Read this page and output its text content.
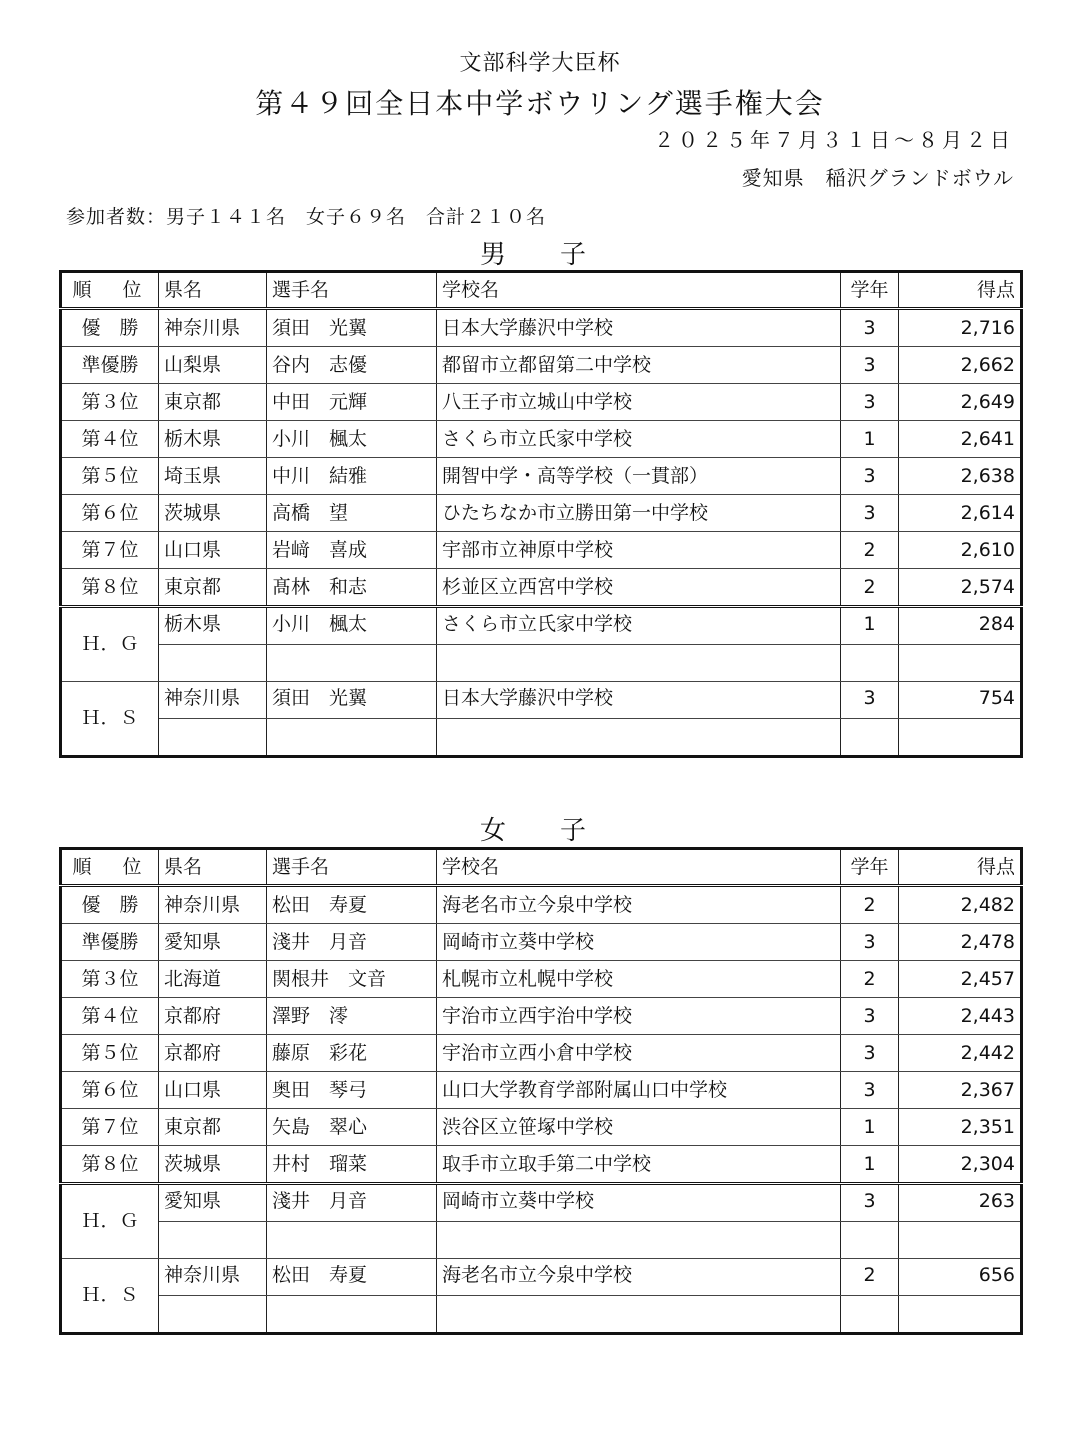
文部科学大臣杯
第４９回全日本中学ボウリング選手権大会
２０２５年７月３１日～８月２日
愛知県　稲沢グランドボウル
参加者数：男子１４１名　女子６９名　合計２１０名
男　子
順　位	県名	選手名	学校名	学年	得点
優　勝	神奈川県	須田　光翼	日本大学藤沢中学校	3	2,716
準優勝	山梨県	谷内　志優	都留市立都留第二中学校	3	2,662
第３位	東京都	中田　元輝	八王子市立城山中学校	3	2,649
第４位	栃木県	小川　楓太	さくら市立氏家中学校	1	2,641
第５位	埼玉県	中川　結雅	開智中学・高等学校（一貫部）	3	2,638
第６位	茨城県	高橋　望	ひたちなか市立勝田第一中学校	3	2,614
第７位	山口県	岩﨑　喜成	宇部市立神原中学校	2	2,610
第８位	東京都	髙林　和志	杉並区立西宮中学校	2	2,574
Ｈ．Ｇ	栃木県	小川　楓太	さくら市立氏家中学校	1	284

Ｈ．Ｓ	神奈川県	須田　光翼	日本大学藤沢中学校	3	754

女　子
順　位	県名	選手名	学校名	学年	得点
優　勝	神奈川県	松田　寿夏	海老名市立今泉中学校	2	2,482
準優勝	愛知県	淺井　月音	岡崎市立葵中学校	3	2,478
第３位	北海道	関根井　文音	札幌市立札幌中学校	2	2,457
第４位	京都府	澤野　澪	宇治市立西宇治中学校	3	2,443
第５位	京都府	藤原　彩花	宇治市立西小倉中学校	3	2,442
第６位	山口県	奥田　琴弓	山口大学教育学部附属山口中学校	3	2,367
第７位	東京都	矢島　翠心	渋谷区立笹塚中学校	1	2,351
第８位	茨城県	井村　瑠菜	取手市立取手第二中学校	1	2,304
Ｈ．Ｇ	愛知県	淺井　月音	岡崎市立葵中学校	3	263

Ｈ．Ｓ	神奈川県	松田　寿夏	海老名市立今泉中学校	2	656
